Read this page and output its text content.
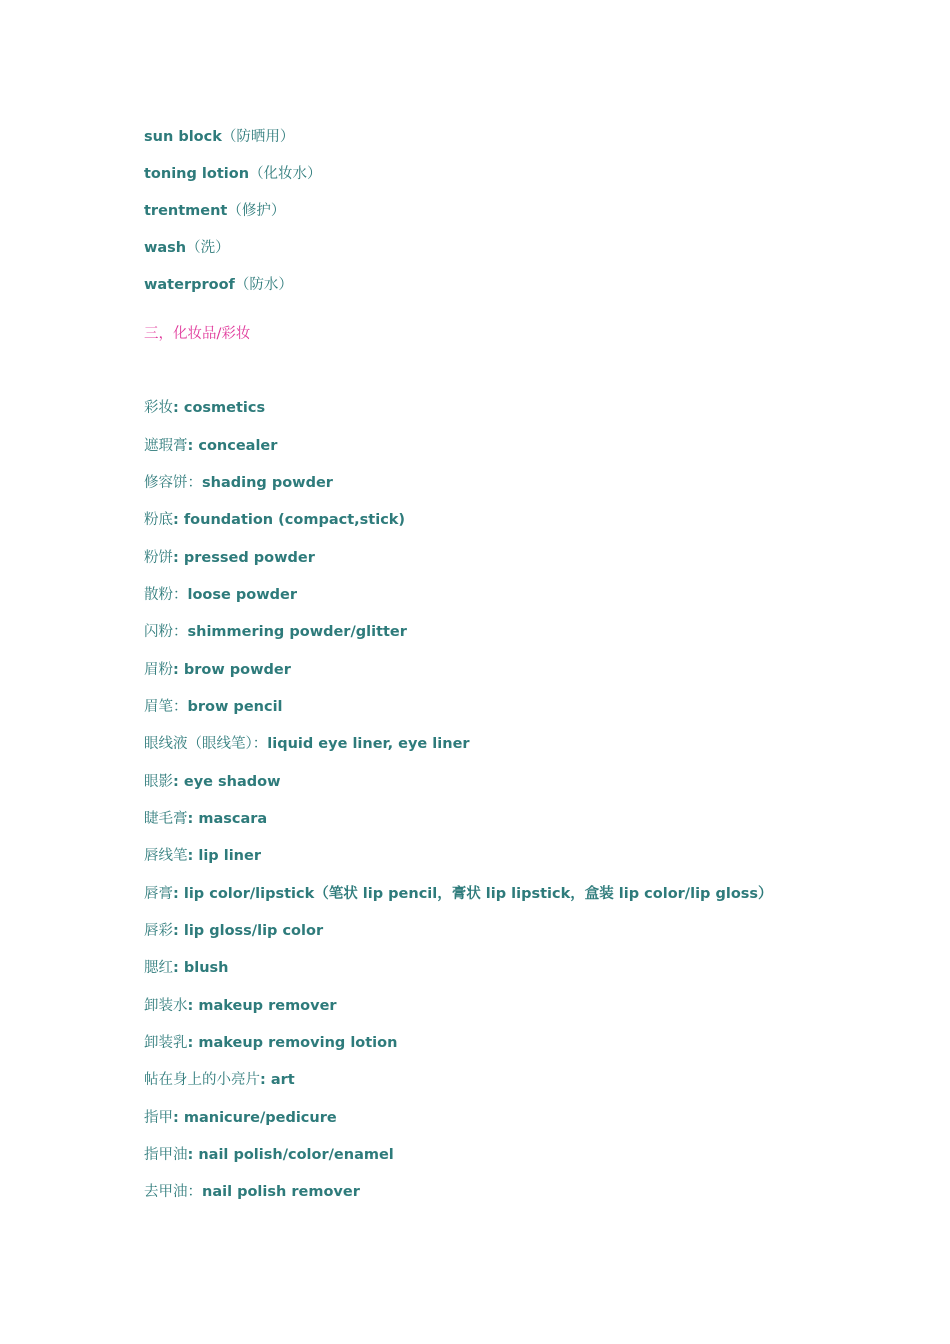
sun block（防晒用）
toning lotion（化妆水）
trentment（修护）
wash（洗）
waterproof（防水）
三，化妆品/彩妆
彩妆: cosmetics
遮瑕膏: concealer
修容饼：shading powder
粉底: foundation (compact,stick)
粉饼: pressed powder
散粉：loose powder
闪粉：shimmering powder/glitter
眉粉: brow powder
眉笔：brow pencil
眼线液（眼线笔）：liquid eye liner, eye liner
眼影: eye shadow
睫毛膏: mascara
唇线笔: lip liner
唇膏: lip color/lipstick（笔状 lip pencil，膏状 lip lipstick，盒装 lip color/lip gloss）
唇彩: lip gloss/lip color
腮红: blush
卸装水: makeup remover
卸装乳: makeup removing lotion
帖在身上的小亮片: art
指甲: manicure/pedicure
指甲油: nail polish/color/enamel
去甲油：nail polish remover
